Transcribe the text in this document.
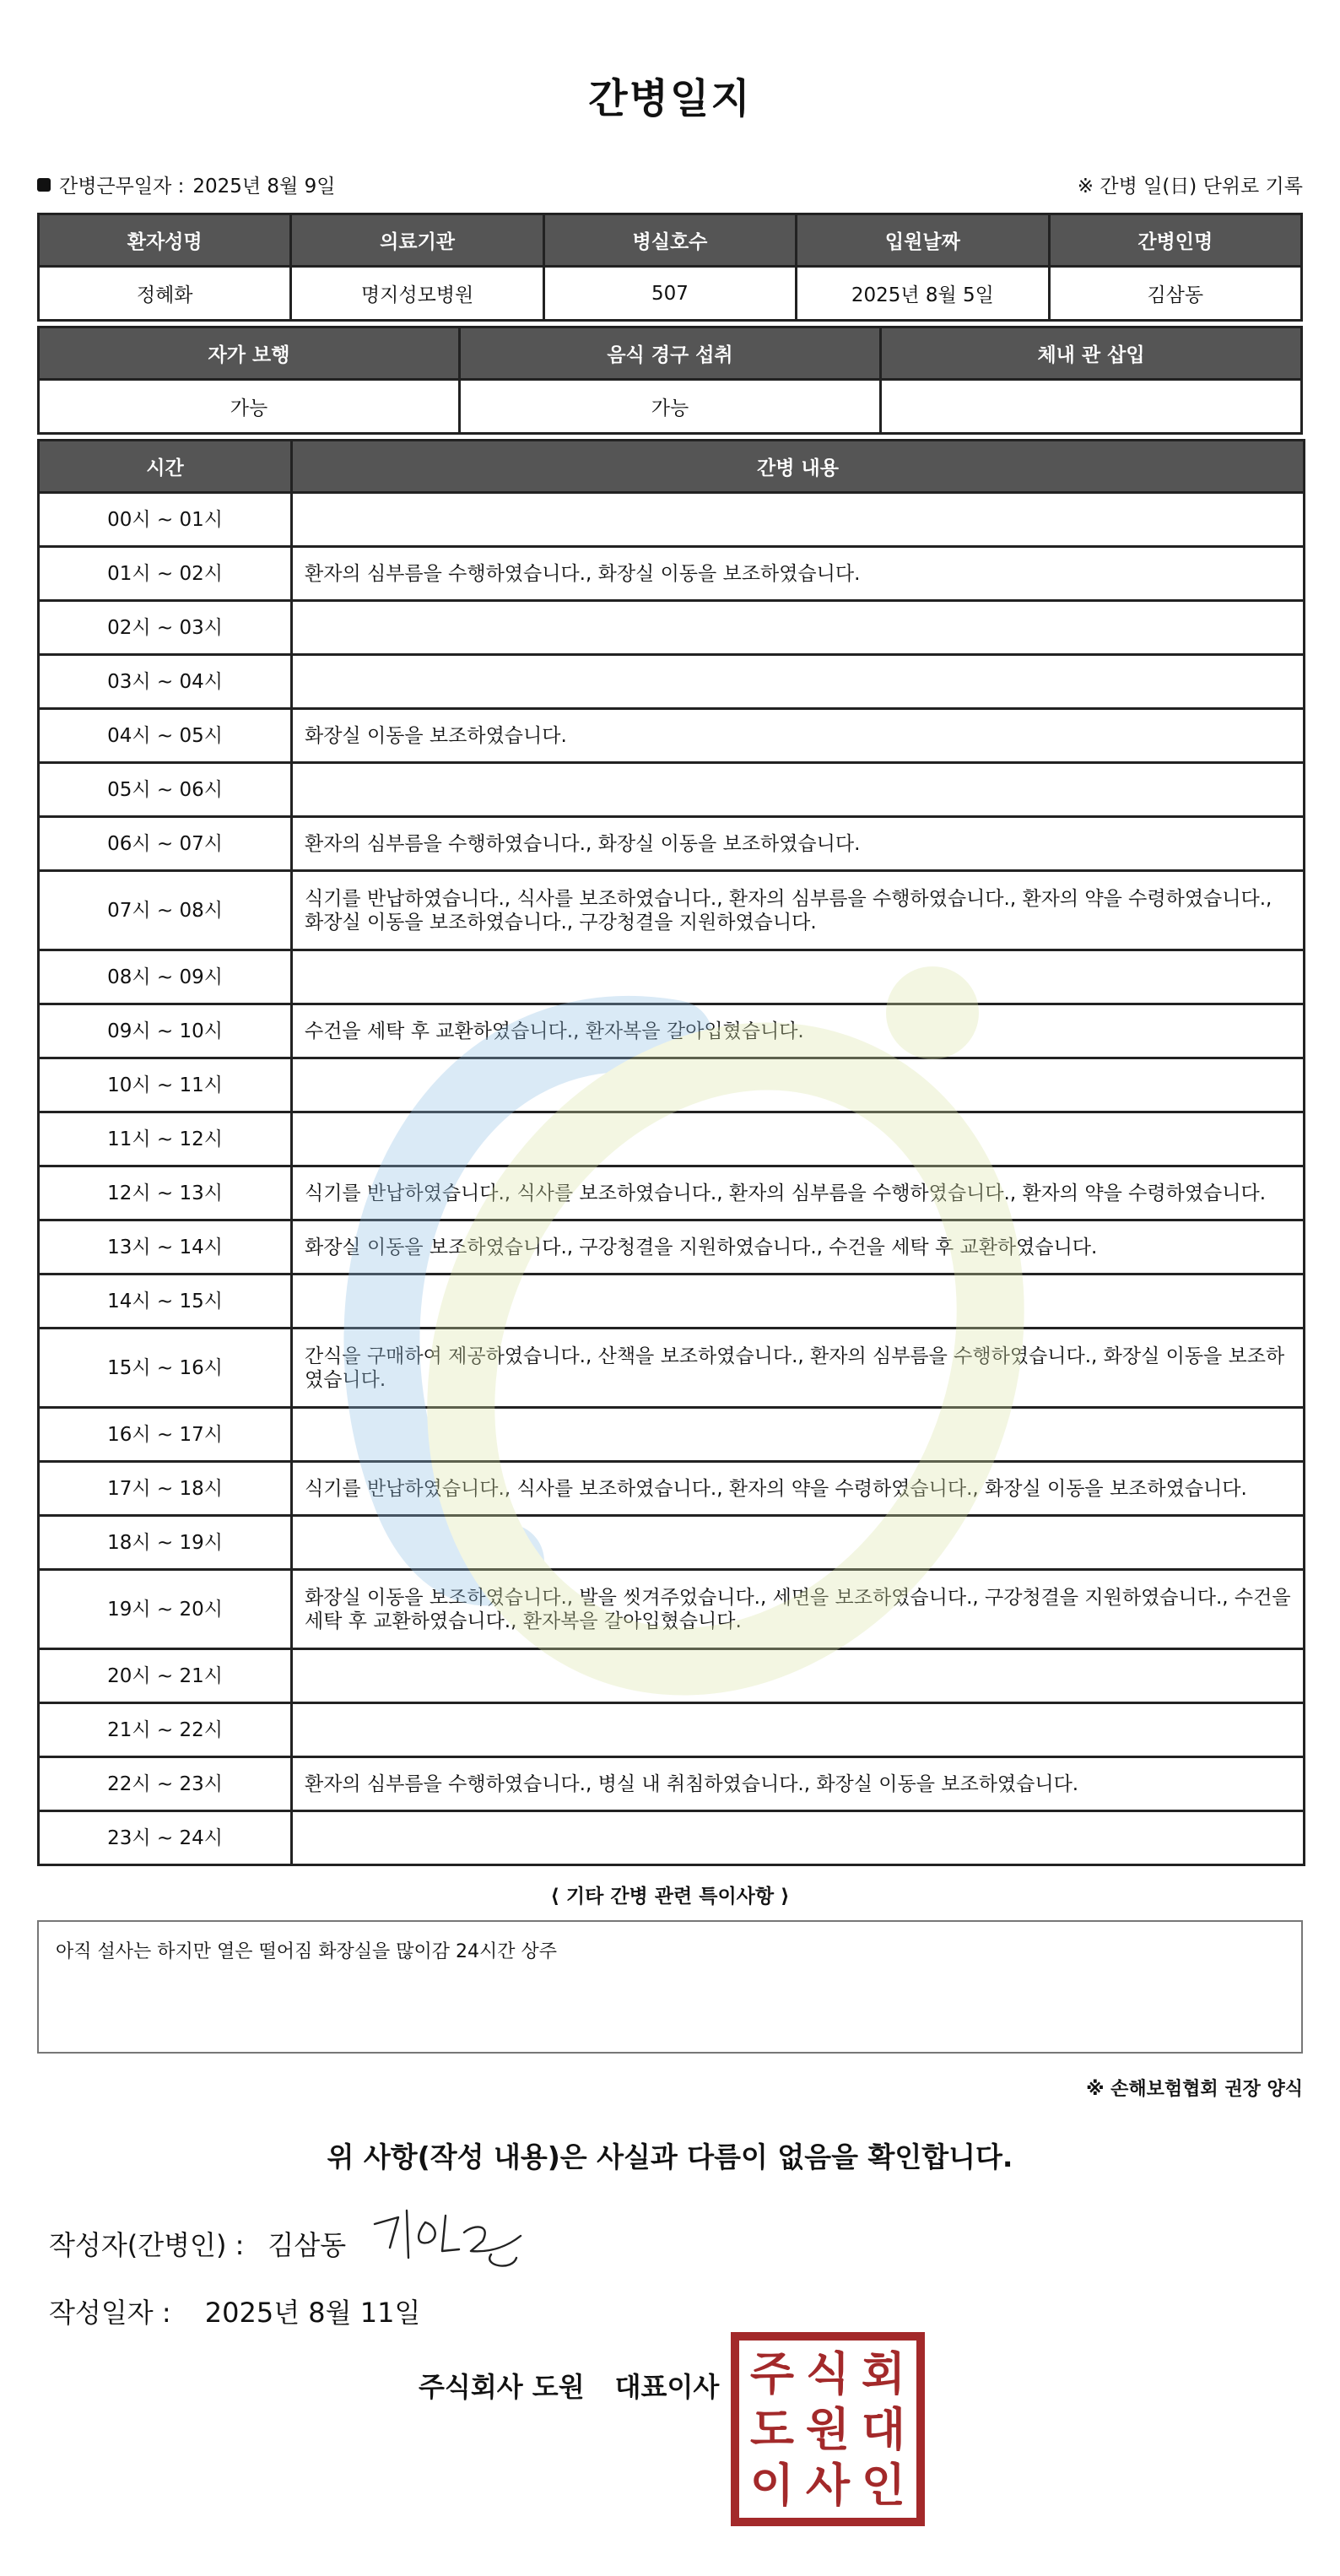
간병일지
간병근무일자 : 2025년 8월 9일	※ 간병 일(日) 단위로 기록
환자성명	의료기관	병실호수	입원날짜	간병인명
정혜화	명지성모병원	507	2025년 8월 5일	김삼동
자가 보행	음식 경구 섭취	체내 관 삽입
가능	가능	
시간	간병 내용
00시 ~ 01시	
01시 ~ 02시	환자의 심부름을 수행하였습니다., 화장실 이동을 보조하였습니다.
02시 ~ 03시	
03시 ~ 04시	
04시 ~ 05시	화장실 이동을 보조하였습니다.
05시 ~ 06시	
06시 ~ 07시	환자의 심부름을 수행하였습니다., 화장실 이동을 보조하였습니다.
07시 ~ 08시	식기를 반납하였습니다., 식사를 보조하였습니다., 환자의 심부름을 수행하였습니다., 환자의 약을 수령하였습니다., 화장실 이동을 보조하였습니다., 구강청결을 지원하였습니다.
08시 ~ 09시	
09시 ~ 10시	수건을 세탁 후 교환하였습니다., 환자복을 갈아입혔습니다.
10시 ~ 11시	
11시 ~ 12시	
12시 ~ 13시	식기를 반납하였습니다., 식사를 보조하였습니다., 환자의 심부름을 수행하였습니다., 환자의 약을 수령하였습니다.
13시 ~ 14시	화장실 이동을 보조하였습니다., 구강청결을 지원하였습니다., 수건을 세탁 후 교환하였습니다.
14시 ~ 15시	
15시 ~ 16시	간식을 구매하여 제공하였습니다., 산책을 보조하였습니다., 환자의 심부름을 수행하였습니다., 화장실 이동을 보조하였습니다.
16시 ~ 17시	
17시 ~ 18시	식기를 반납하였습니다., 식사를 보조하였습니다., 환자의 약을 수령하였습니다., 화장실 이동을 보조하였습니다.
18시 ~ 19시	
19시 ~ 20시	화장실 이동을 보조하였습니다., 발을 씻겨주었습니다., 세면을 보조하였습니다., 구강청결을 지원하였습니다., 수건을 세탁 후 교환하였습니다., 환자복을 갈아입혔습니다.
20시 ~ 21시	
21시 ~ 22시	
22시 ~ 23시	환자의 심부름을 수행하였습니다., 병실 내 취침하였습니다., 화장실 이동을 보조하였습니다.
23시 ~ 24시	
⟨ 기타 간병 관련 특이사항 ⟩
아직 설사는 하지만 열은 떨어짐 화장실을 많이감 24시간 상주
※ 손해보험협회 권장 양식
위 사항(작성 내용)은 사실과 다름이 없음을 확인합니다.
작성자(간병인) : 김삼동
작성일자 : 2025년 8월 11일
주식회사 도원 대표이사 주 식 회
도 원 대
이 사 인
